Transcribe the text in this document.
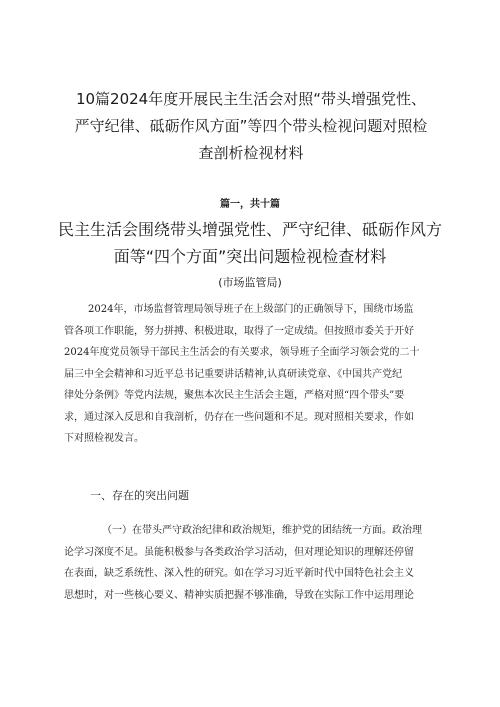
10篇2024年度开展民主生活会对照“带头增强党性、
严守纪律、砥砺作风方面”等四个带头检视问题对照检
查剖析检视材料
篇一，共十篇
民主生活会围绕带头增强党性、严守纪律、砥砺作风方
面等“四个方面”突出问题检视检查材料
(市场监管局)
2024年，市场监督管理局领导班子在上级部门的正确领导下，围绕市场监
管各项工作职能，努力拼搏、积极进取，取得了一定成绩。但按照市委关于开好
2024年度党员领导干部民主生活会的有关要求，领导班子全面学习领会党的二十
届三中全会精神和习近平总书记重要讲话精神,认真研读党章、《中国共产党纪
律处分条例》等党内法规，聚焦本次民主生活会主题，严格对照“四个带头”要
求，通过深入反思和自我剖析，仍存在一些问题和不足。现对照相关要求，作如
下对照检视发言。
一、存在的突出问题
（一）在带头严守政治纪律和政治规矩，维护党的团结统一方面。政治理
论学习深度不足。虽能积极参与各类政治学习活动，但对理论知识的理解还停留
在表面，缺乏系统性、深入性的研究。如在学习习近平新时代中国特色社会主义
思想时，对一些核心要义、精神实质把握不够准确，导致在实际工作中运用理论
